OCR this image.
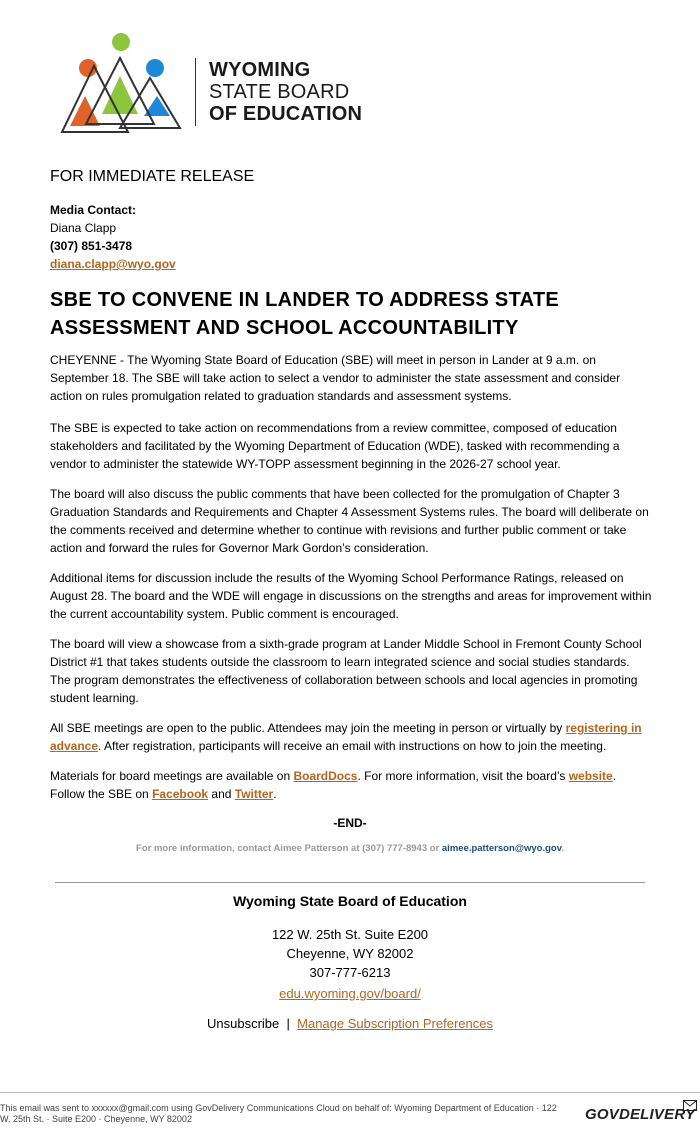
WYOMING
STATE BOARD
OF EDUCATION
FOR IMMEDIATE RELEASE
Media Contact:
Diana Clapp
(307) 851-3478
diana.clapp@wyo.gov
SBE TO CONVENE IN LANDER TO ADDRESS STATE ASSESSMENT AND SCHOOL ACCOUNTABILITY

CHEYENNE - The Wyoming State Board of Education (SBE) will meet in person in Lander at 9 a.m. on September 18. The SBE will take action to select a vendor to administer the state assessment and consider action on rules promulgation related to graduation standards and assessment systems.

The SBE is expected to take action on recommendations from a review committee, composed of education stakeholders and facilitated by the Wyoming Department of Education (WDE), tasked with recommending a vendor to administer the statewide WY-TOPP assessment beginning in the 2026-27 school year.

The board will also discuss the public comments that have been collected for the promulgation of Chapter 3 Graduation Standards and Requirements and Chapter 4 Assessment Systems rules. The board will deliberate on the comments received and determine whether to continue with revisions and further public comment or take action and forward the rules for Governor Mark Gordon’s consideration.

Additional items for discussion include the results of the Wyoming School Performance Ratings, released on August 28. The board and the WDE will engage in discussions on the strengths and areas for improvement within the current accountability system. Public comment is encouraged.

The board will view a showcase from a sixth-grade program at Lander Middle School in Fremont County School District #1 that takes students outside the classroom to learn integrated science and social studies standards. The program demonstrates the effectiveness of collaboration between schools and local agencies in promoting student learning.

All SBE meetings are open to the public. Attendees may join the meeting in person or virtually by registering in advance. After registration, participants will receive an email with instructions on how to join the meeting.

Materials for board meetings are available on BoardDocs. For more information, visit the board’s website. Follow the SBE on Facebook and Twitter.

-END-
For more information, contact Aimee Patterson at (307) 777-8943 or aimee.patterson@wyo.gov.
Wyoming State Board of Education
122 W. 25th St. Suite E200
Cheyenne, WY 82002
307-777-6213
edu.wyoming.gov/board/
Unsubscribe | Manage Subscription Preferences
This email was sent to xxxxxx@gmail.com using GovDelivery Communications Cloud on behalf of: Wyoming Department of Education · 122 W. 25th St. · Suite E200 · Cheyenne, WY 82002	GOVDELIVERY
